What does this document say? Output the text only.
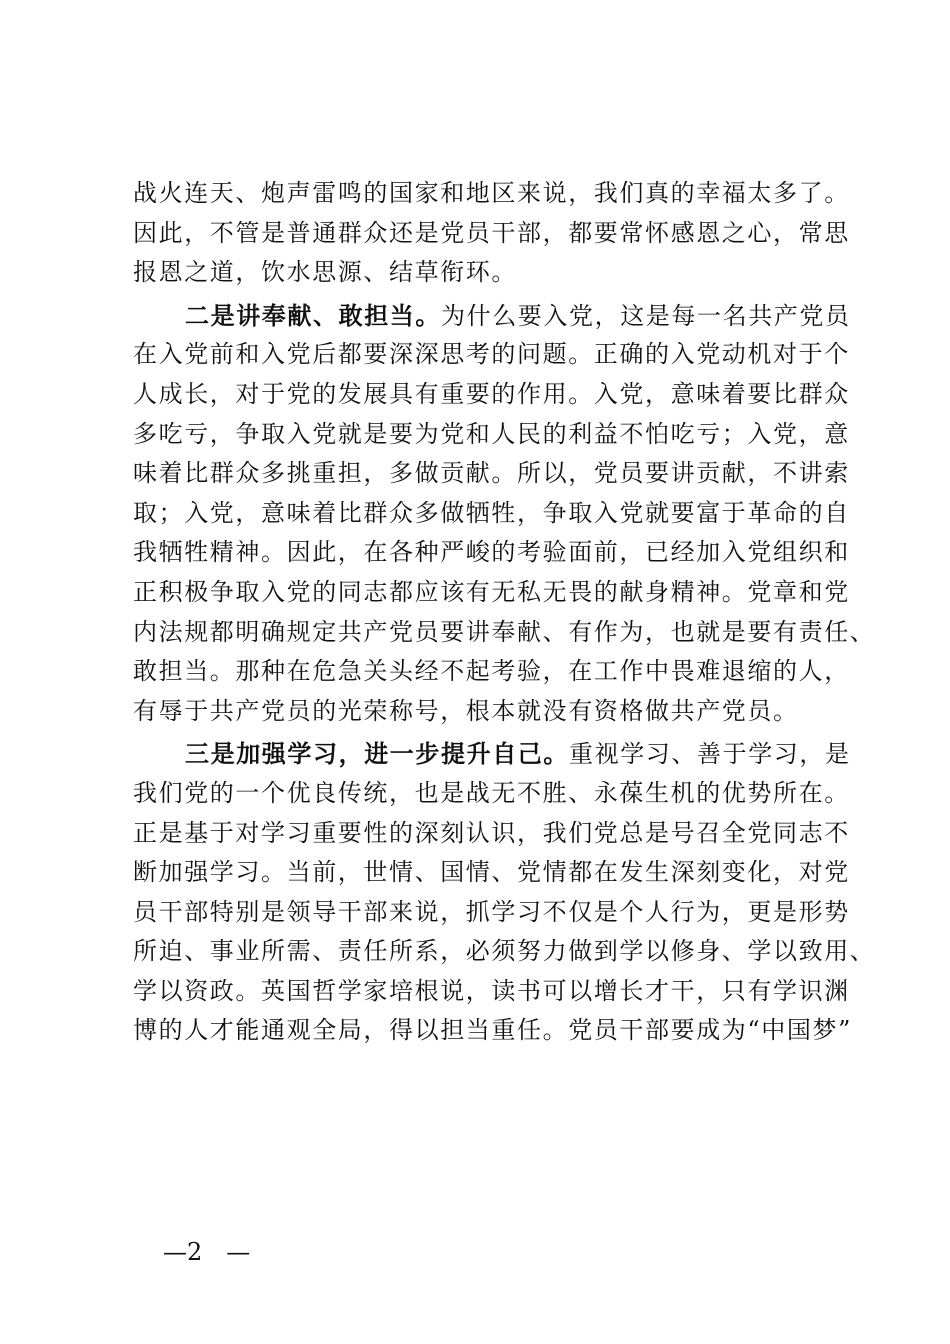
战火连天、炮声雷鸣的国家和地区来说，我们真的幸福太多了。
因此，不管是普通群众还是党员干部，都要常怀感恩之心，常思
报恩之道，饮水思源、结草衔环。
二是讲奉献、敢担当。为什么要入党，这是每一名共产党员
在入党前和入党后都要深深思考的问题。正确的入党动机对于个
人成长，对于党的发展具有重要的作用。入党，意味着要比群众
多吃亏，争取入党就是要为党和人民的利益不怕吃亏；入党，意
味着比群众多挑重担，多做贡献。所以，党员要讲贡献，不讲索
取；入党，意味着比群众多做牺牲，争取入党就要富于革命的自
我牺牲精神。因此，在各种严峻的考验面前，已经加入党组织和
正积极争取入党的同志都应该有无私无畏的献身精神。党章和党
内法规都明确规定共产党员要讲奉献、有作为，也就是要有责任、
敢担当。那种在危急关头经不起考验，在工作中畏难退缩的人，
有辱于共产党员的光荣称号，根本就没有资格做共产党员。
三是加强学习，进一步提升自己。重视学习、善于学习，是
我们党的一个优良传统，也是战无不胜、永葆生机的优势所在。
正是基于对学习重要性的深刻认识，我们党总是号召全党同志不
断加强学习。当前，世情、国情、党情都在发生深刻变化，对党
员干部特别是领导干部来说，抓学习不仅是个人行为，更是形势
所迫、事业所需、责任所系，必须努力做到学以修身、学以致用、
学以资政。英国哲学家培根说，读书可以增长才干，只有学识渊
博的人才能通观全局，得以担当重任。党员干部要成为“中国梦”
—2　—
